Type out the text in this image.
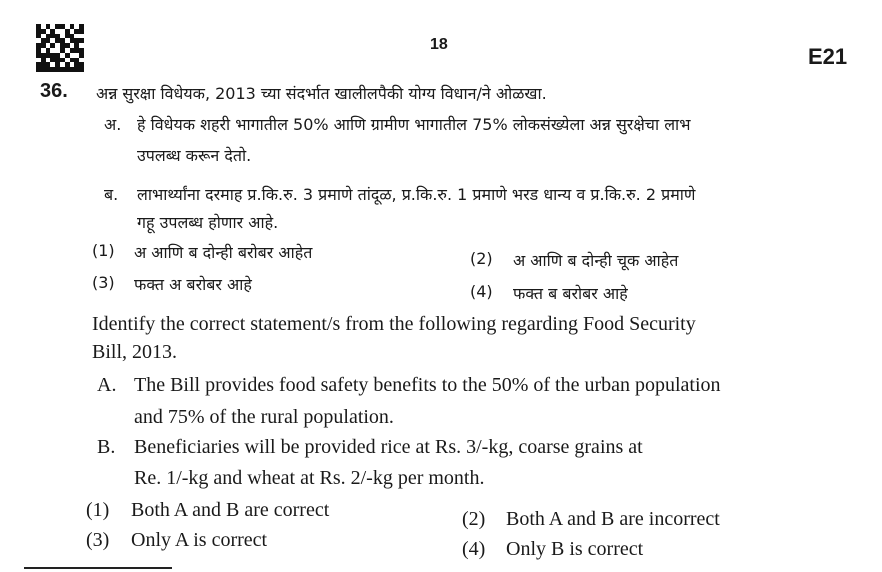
18	E21
36. अन्न सुरक्षा विधेयक, 2013 च्या संदर्भात खालीलपैकी योग्य विधान/ने ओळखा.
अ. हे विधेयक शहरी भागातील 50% आणि ग्रामीण भागातील 75% लोकसंख्येला अन्न सुरक्षेचा लाभ
उपलब्ध करून देतो.
ब. लाभार्थ्यांना दरमाह प्र.कि.रु. 3 प्रमाणे तांदूळ, प्र.कि.रु. 1 प्रमाणे भरड धान्य व प्र.कि.रु. 2 प्रमाणे
गहू उपलब्ध होणार आहे.
(1) अ आणि ब दोन्ही बरोबर आहेत	(2) अ आणि ब दोन्ही चूक आहेत
(3) फक्त अ बरोबर आहे	(4) फक्त ब बरोबर आहे
Identify the correct statement/s from the following regarding Food Security
Bill, 2013.
A. The Bill provides food safety benefits to the 50% of the urban population
and 75% of the rural population.
B. Beneficiaries will be provided rice at Rs. 3/-kg, coarse grains at
Re. 1/-kg and wheat at Rs. 2/-kg per month.
(1) Both A and B are correct	(2) Both A and B are incorrect
(3) Only A is correct	(4) Only B is correct
